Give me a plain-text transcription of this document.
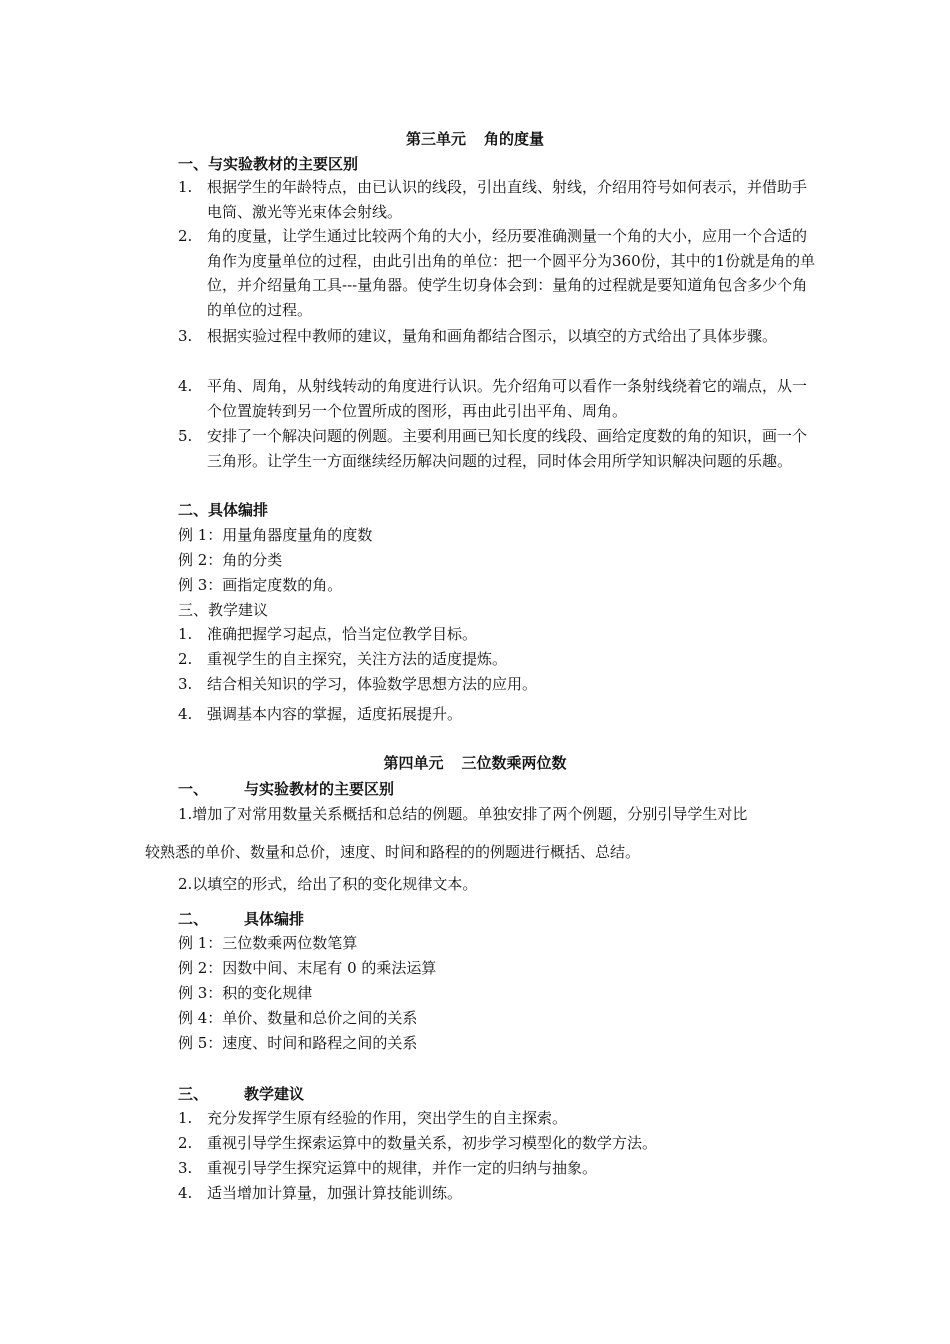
第三单元 角的度量
一、与实验教材的主要区别
1. 根据学生的年龄特点，由已认识的线段，引出直线、射线，介绍用符号如何表示，并借助手电筒、激光等光束体会射线。
2. 角的度量，让学生通过比较两个角的大小，经历要准确测量一个角的大小，应用一个合适的角作为度量单位的过程，由此引出角的单位：把一个圆平分为360份，其中的1份就是角的单位，并介绍量角工具---量角器。使学生切身体会到：量角的过程就是要知道角包含多少个角的单位的过程。
3. 根据实验过程中教师的建议，量角和画角都结合图示，以填空的方式给出了具体步骤。
4. 平角、周角，从射线转动的角度进行认识。先介绍角可以看作一条射线绕着它的端点，从一个位置旋转到另一个位置所成的图形，再由此引出平角、周角。
5. 安排了一个解决问题的例题。主要利用画已知长度的线段、画给定度数的角的知识，画一个三角形。让学生一方面继续经历解决问题的过程，同时体会用所学知识解决问题的乐趣。
二、具体编排
例 1：用量角器度量角的度数
例 2：角的分类
例 3：画指定度数的角。
三、教学建议
1. 准确把握学习起点，恰当定位教学目标。
2. 重视学生的自主探究，关注方法的适度提炼。
3. 结合相关知识的学习，体验数学思想方法的应用。
4. 强调基本内容的掌握，适度拓展提升。
第四单元 三位数乘两位数
一、 与实验教材的主要区别
1.增加了对常用数量关系概括和总结的例题。单独安排了两个例题，分别引导学生对比
较熟悉的单价、数量和总价，速度、时间和路程的的例题进行概括、总结。
2.以填空的形式，给出了积的变化规律文本。
二、 具体编排
例 1：三位数乘两位数笔算
例 2：因数中间、末尾有 0 的乘法运算
例 3：积的变化规律
例 4：单价、数量和总价之间的关系
例 5：速度、时间和路程之间的关系
三、 教学建议
1. 充分发挥学生原有经验的作用，突出学生的自主探索。
2. 重视引导学生探索运算中的数量关系，初步学习模型化的数学方法。
3. 重视引导学生探究运算中的规律，并作一定的归纳与抽象。
4. 适当增加计算量，加强计算技能训练。
